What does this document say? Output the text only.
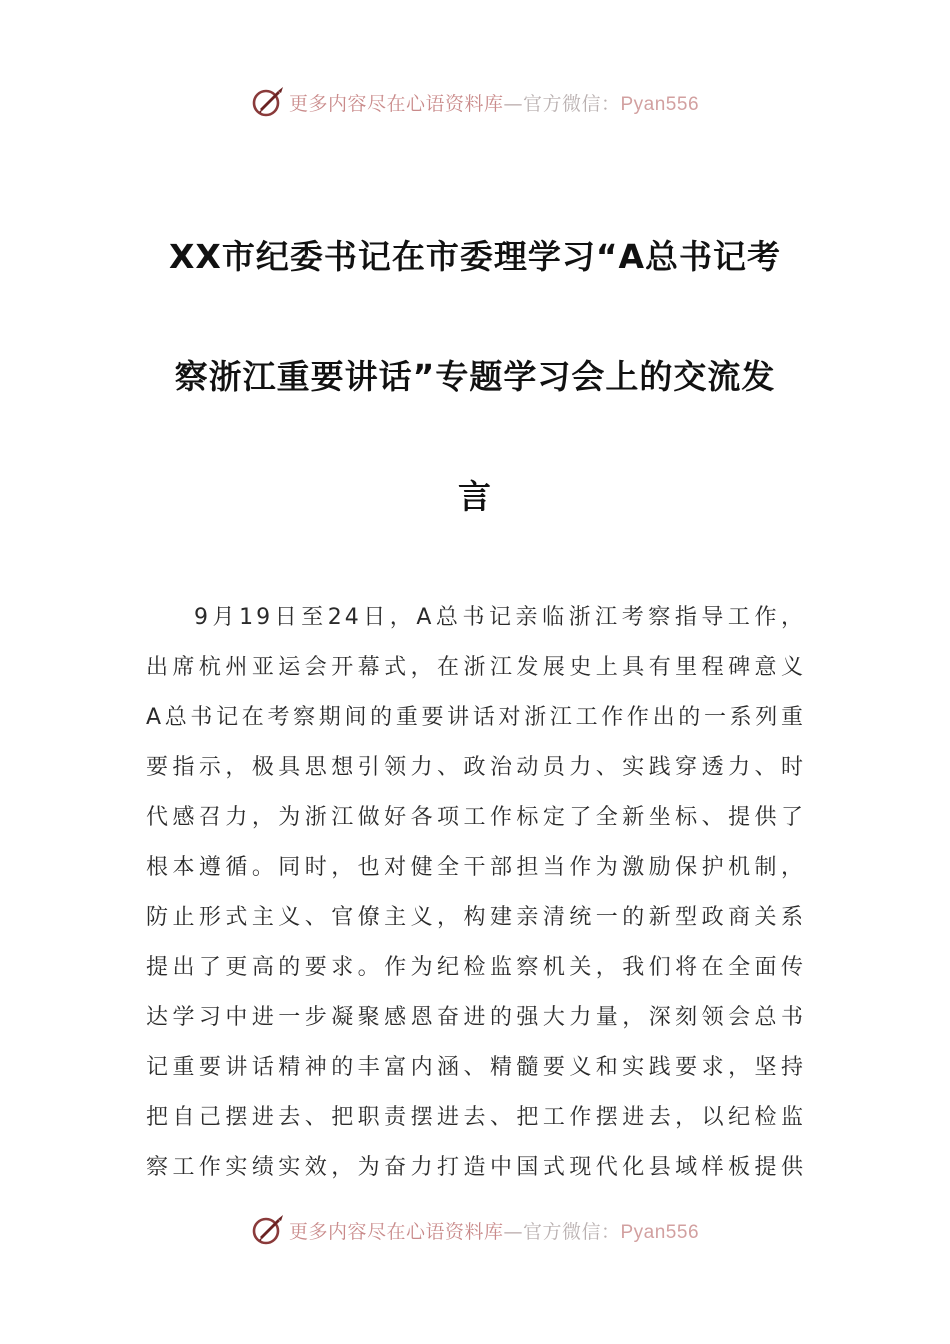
更多内容尽在心语资料库—官方微信：Pyan556
XX市纪委书记在市委理学习“A总书记考
察浙江重要讲话”专题学习会上的交流发
言
9月19日至24日，A总书记亲临浙江考察指导工作，
出席杭州亚运会开幕式，在浙江发展史上具有里程碑意义
A总书记在考察期间的重要讲话对浙江工作作出的一系列重
要指示，极具思想引领力、政治动员力、实践穿透力、时
代感召力，为浙江做好各项工作标定了全新坐标、提供了
根本遵循。同时，也对健全干部担当作为激励保护机制，
防止形式主义、官僚主义，构建亲清统一的新型政商关系
提出了更高的要求。作为纪检监察机关，我们将在全面传
达学习中进一步凝聚感恩奋进的强大力量，深刻领会总书
记重要讲话精神的丰富内涵、精髓要义和实践要求，坚持
把自己摆进去、把职责摆进去、把工作摆进去，以纪检监
察工作实绩实效，为奋力打造中国式现代化县域样板提供
更多内容尽在心语资料库—官方微信：Pyan556
